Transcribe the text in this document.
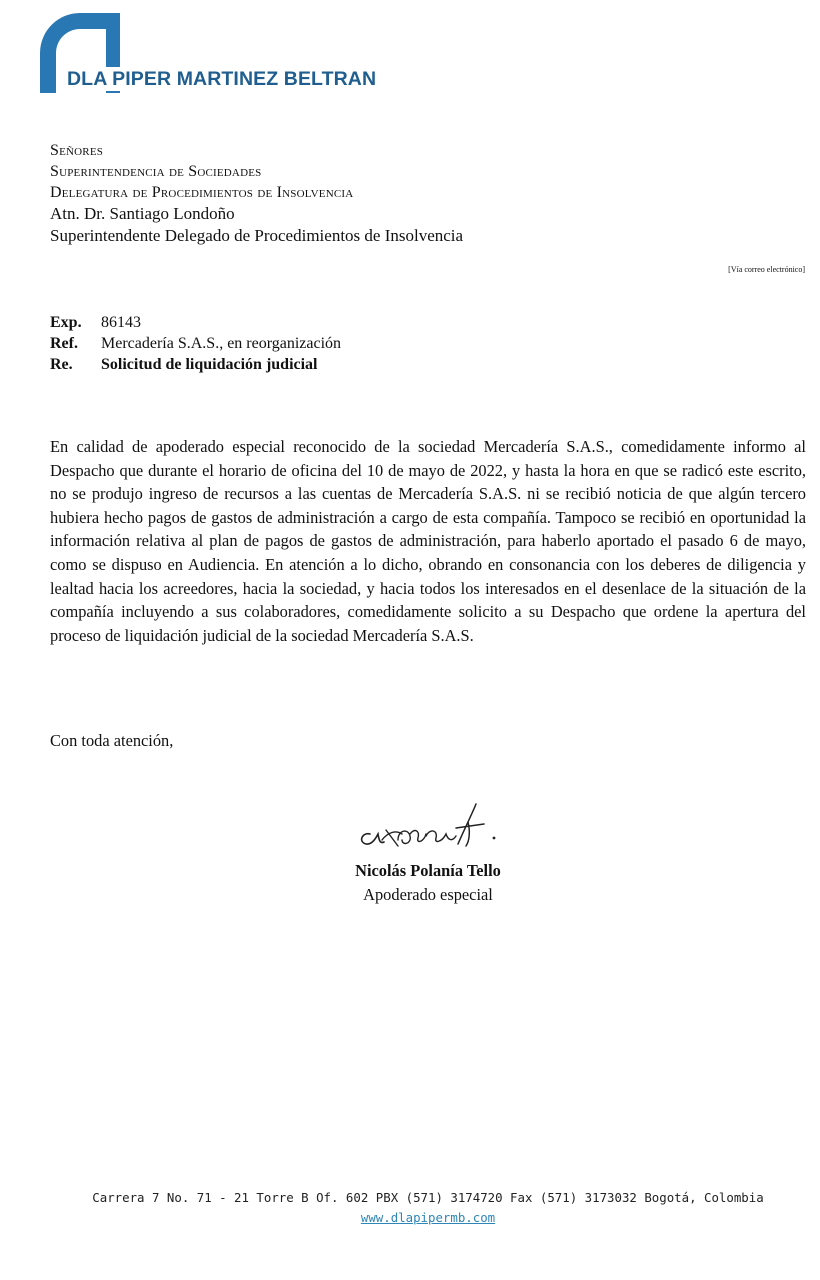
DLA PIPER MARTINEZ BELTRAN
Señores
Superintendencia de Sociedades
Delegatura de Procedimientos de Insolvencia
Atn. Dr. Santiago Londoño
Superintendente Delegado de Procedimientos de Insolvencia
[Vía correo electrónico]
Exp.	86143
Ref.	Mercadería S.A.S., en reorganización
Re.	Solicitud de liquidación judicial
En calidad de apoderado especial reconocido de la sociedad Mercadería S.A.S., comedidamente informo al Despacho que durante el horario de oficina del 10 de mayo de 2022, y hasta la hora en que se radicó este escrito, no se produjo ingreso de recursos a las cuentas de Mercadería S.A.S. ni se recibió noticia de que algún tercero hubiera hecho pagos de gastos de administración a cargo de esta compañía. Tampoco se recibió en oportunidad la información relativa al plan de pagos de gastos de administración, para haberlo aportado el pasado 6 de mayo, como se dispuso en Audiencia. En atención a lo dicho, obrando en consonancia con los deberes de diligencia y lealtad hacia los acreedores, hacia la sociedad, y hacia todos los interesados en el desenlace de la situación de la compañía incluyendo a sus colaboradores, comedidamente solicito a su Despacho que ordene la apertura del proceso de liquidación judicial de la sociedad Mercadería S.A.S.
Con toda atención,
Nicolás Polanía Tello
Apoderado especial
Carrera 7 No. 71 - 21 Torre B Of. 602 PBX (571) 3174720 Fax (571) 3173032 Bogotá, Colombia
www.dlapipermb.com
